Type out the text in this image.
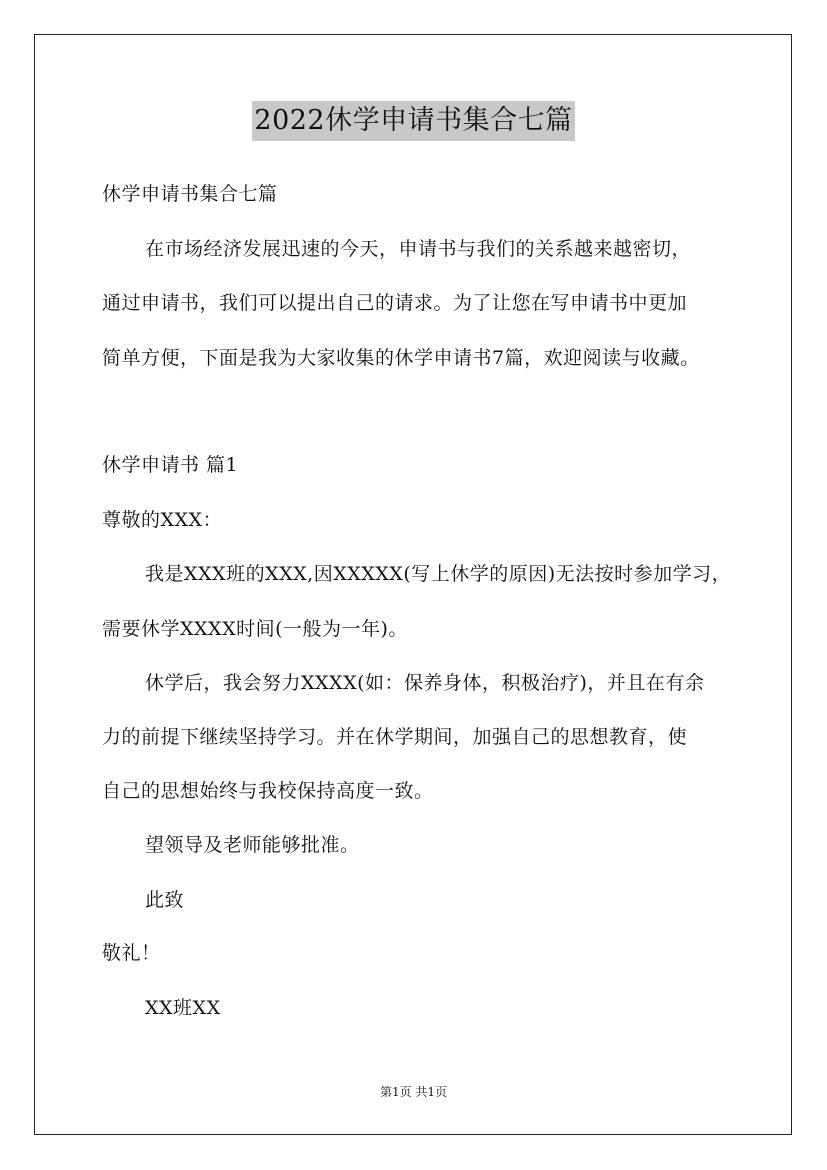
2022休学申请书集合七篇
休学申请书集合七篇
在市场经济发展迅速的今天，申请书与我们的关系越来越密切，
通过申请书，我们可以提出自己的请求。为了让您在写申请书中更加
简单方便，下面是我为大家收集的休学申请书7篇，欢迎阅读与收藏。
休学申请书 篇1
尊敬的XXX：
我是XXX班的XXX,因XXXXX(写上休学的原因)无法按时参加学习，
需要休学XXXX时间(一般为一年)。
休学后，我会努力XXXX(如：保养身体，积极治疗)，并且在有余
力的前提下继续坚持学习。并在休学期间，加强自己的思想教育，使
自己的思想始终与我校保持高度一致。
望领导及老师能够批准。
此致
敬礼！
XX班XX
第1页 共1页
